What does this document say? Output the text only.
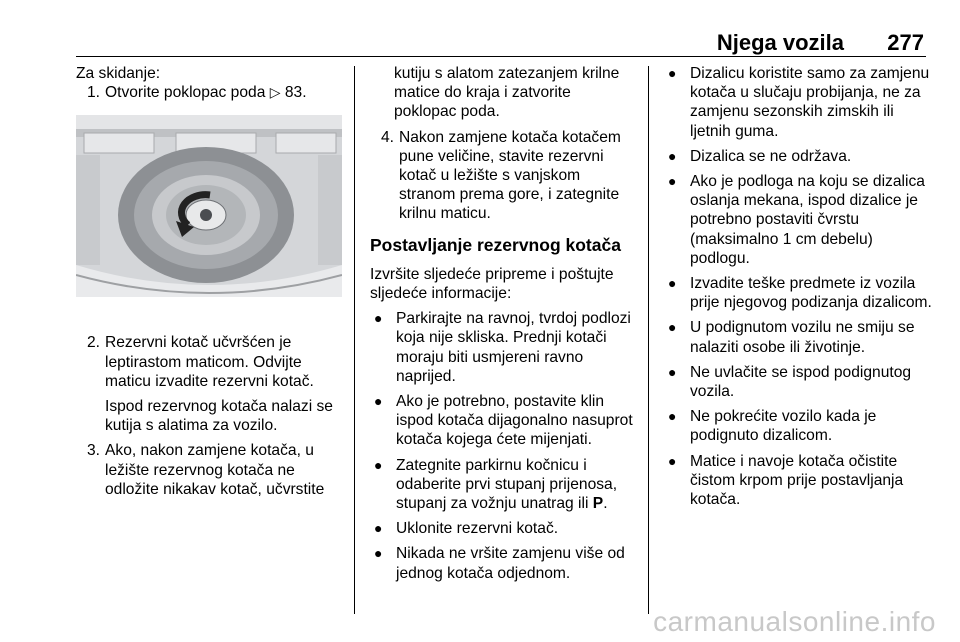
Njega vozila 277

Za skidanje:

1. Otvorite poklopac poda ▷ 83.
2. Rezervni kotač učvršćen je leptirastom maticom. Odvijte maticu izvadite rezervni kotač.

Ispod rezervnog kotača nalazi se kutija s alatima za vozilo.

3. Ako, nakon zamjene kotača, u ležište rezervnog kotača ne odložite nikakav kotač, učvrstite

kutiju s alatom zatezanjem krilne matice do kraja i zatvorite poklopac poda.

4. Nakon zamjene kotača kotačem pune veličine, stavite rezervni kotač u ležište s vanjskom stranom prema gore, i zategnite krilnu maticu.

Postavljanje rezervnog kotača

Izvršite sljedeće pripreme i poštujte sljedeće informacije:

● Parkirajte na ravnoj, tvrdoj podlozi koja nije skliska. Prednji kotači moraju biti usmjereni ravno naprijed.
● Ako je potrebno, postavite klin ispod kotača dijagonalno nasuprot kotača kojega ćete mijenjati.
● Zategnite parkirnu kočnicu i odaberite prvi stupanj prijenosa, stupanj za vožnju unatrag ili P.
● Uklonite rezervni kotač.
● Nikada ne vršite zamjenu više od jednog kotača odjednom.
● Dizalicu koristite samo za zamjenu kotača u slučaju probijanja, ne za zamjenu sezonskih zimskih ili ljetnih guma.
● Dizalica se ne održava.
● Ako je podloga na koju se dizalica oslanja mekana, ispod dizalice je potrebno postaviti čvrstu (maksimalno 1 cm debelu) podlogu.
● Izvadite teške predmete iz vozila prije njegovog podizanja dizalicom.
● U podignutom vozilu ne smiju se nalaziti osobe ili životinje.
● Ne uvlačite se ispod podignutog vozila.
● Ne pokrećite vozilo kada je podignuto dizalicom.
● Matice i navoje kotača očistite čistom krpom prije postavljanja kotača.
carmanualsonline.info
